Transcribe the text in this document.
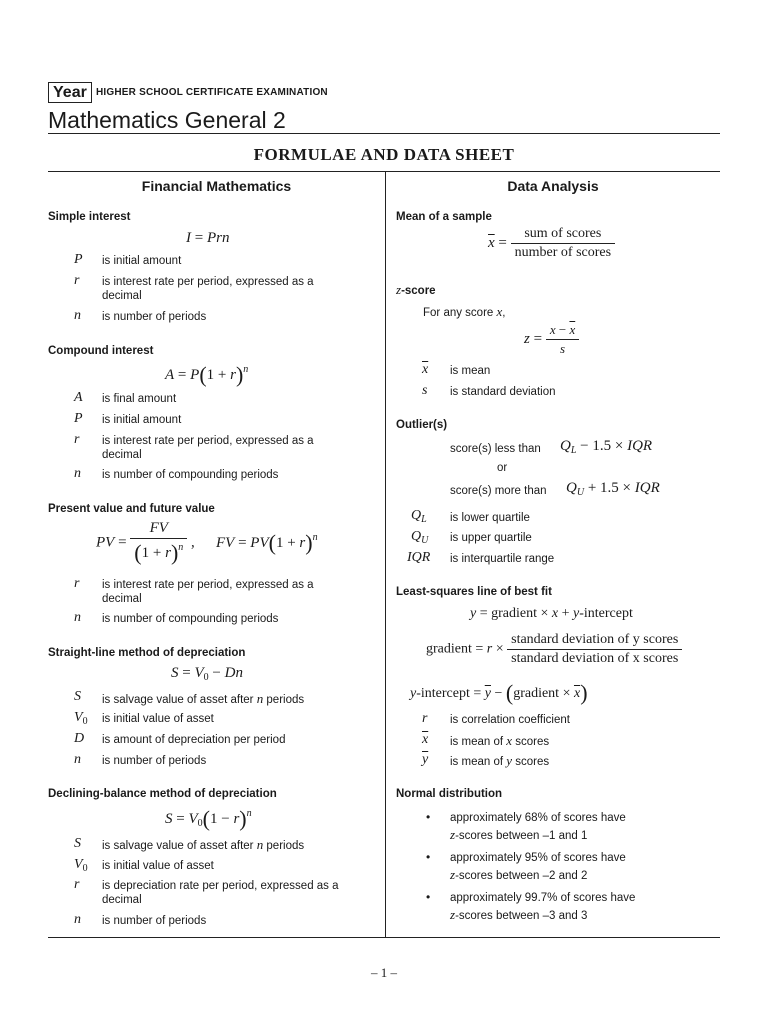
Year HIGHER SCHOOL CERTIFICATE EXAMINATION
Mathematics General 2
FORMULAE AND DATA SHEET
Financial Mathematics
Simple interest
I = Prn
P is initial amount
r is interest rate per period, expressed as a decimal
n is number of periods
Compound interest
$A = P(1 + r)^n$
A is final amount
P is initial amount
r is interest rate per period, expressed as a decimal
n is number of compounding periods
Present value and future value
PV = $\frac{FV}{(1 + r)^n}$ , FV = $PV(1 + r)^n$
r is interest rate per period, expressed as a decimal
n is number of compounding periods
Straight-line method of depreciation
$S = V_0 - Dn$
S is salvage value of asset after n periods
$V_0$ is initial value of asset
D is amount of depreciation per period
n is number of periods
Declining-balance method of depreciation
$S = V_0(1 - r)^n$
S is salvage value of asset after n periods
$V_0$ is initial value of asset
r is depreciation rate per period, expressed as a decimal
n is number of periods
Data Analysis
Mean of a sample
$\overline{x} = \frac{\text{sum of scores}}{\text{number of scores}}$
z-score
For any score x,
$z = \frac{x - \overline{x}}{s}$
$\overline{x}$ is mean
s is standard deviation
Outlier(s)
score(s) less than $Q_L - 1.5$ × IQR
or
score(s) more than $Q_U + 1.5$ × IQR
$Q_L$ is lower quartile
$Q_U$ is upper quartile
IQR is interquartile range
Least-squares line of best fit
y = gradient × x + y-intercept
gradient = $r \times \frac{\text{standard deviation of y scores}}{\text{standard deviation of x scores}}$
y-intercept = $\overline{y}$ − (gradient × $\overline{x}$)
r is correlation coefficient
$\overline{x}$ is mean of x scores
$\overline{y}$ is mean of y scores
Normal distribution
• approximately 68% of scores have
z-scores between –1 and 1
• approximately 95% of scores have
z-scores between –2 and 2
• approximately 99.7% of scores have
z-scores between –3 and 3
– 1 –
